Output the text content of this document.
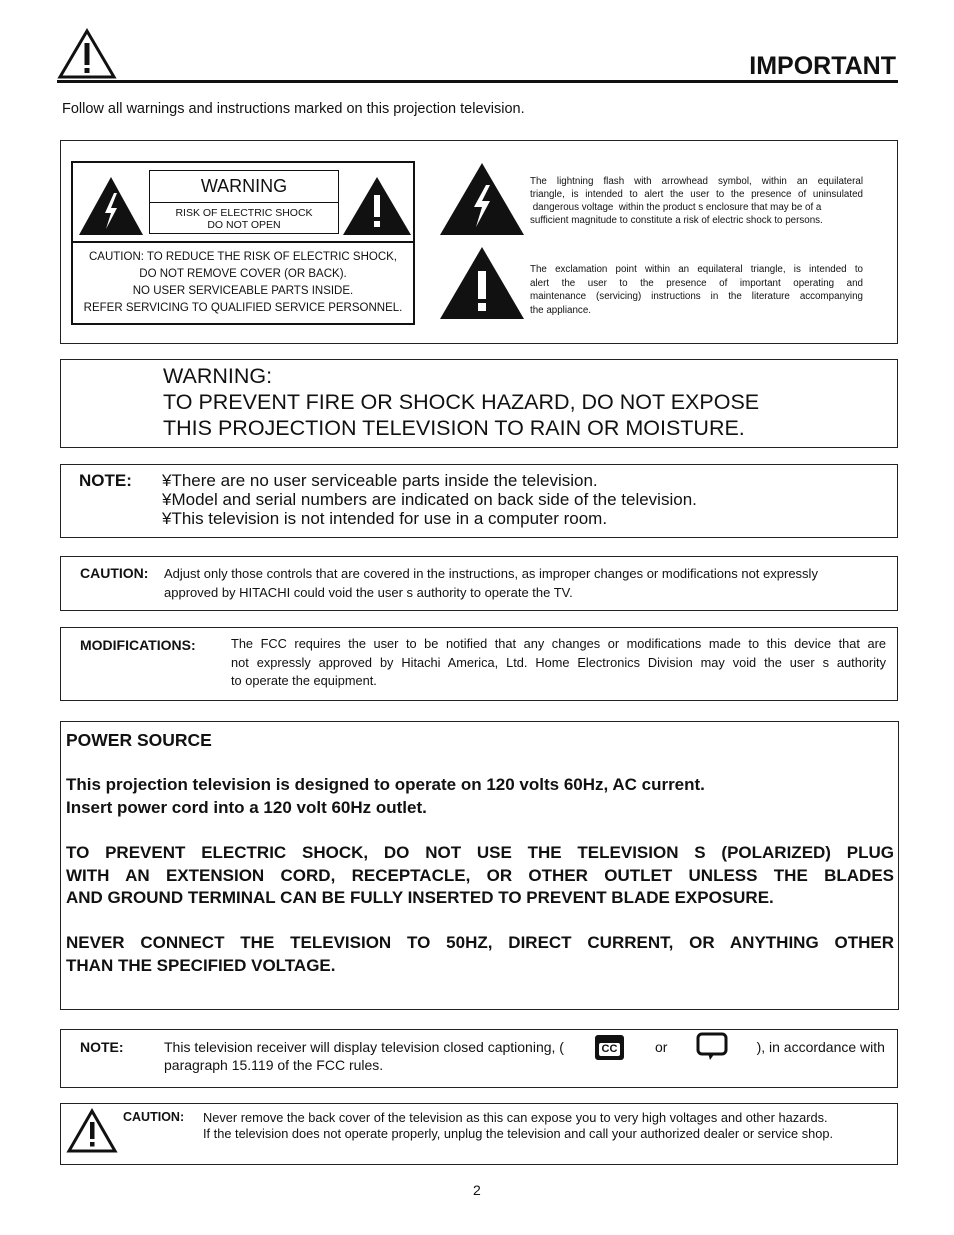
IMPORTANT
Follow all warnings and instructions marked on this projection television.
WARNING
RISK OF ELECTRIC SHOCK
DO NOT OPEN
CAUTION: TO REDUCE THE RISK OF ELECTRIC SHOCK,
DO NOT REMOVE COVER (OR BACK).
NO USER SERVICEABLE PARTS INSIDE.
REFER SERVICING TO QUALIFIED SERVICE PERSONNEL.
The lightning flash with arrowhead symbol, within an equilateral
triangle, is intended to alert the user to the presence of uninsulated
dangerous voltage  within the product s enclosure that may be of a
sufficient magnitude to constitute a risk of electric shock to persons.
The exclamation point within an equilateral triangle, is intended to
alert the user to the presence of important operating and
maintenance (servicing) instructions in the literature accompanying
the appliance.
WARNING:
TO PREVENT FIRE OR SHOCK HAZARD, DO NOT EXPOSE
THIS PROJECTION TELEVISION TO RAIN OR MOISTURE.
NOTE: ¥There are no user serviceable parts inside the television.
¥Model and serial numbers are indicated on back side of the television.
¥This television is not intended for use in a computer room.
CAUTION: Adjust only those controls that are covered in the instructions, as improper changes or modifications not expressly
approved by HITACHI could void the user s authority to operate the TV.
MODIFICATIONS:	The FCC requires the user to be notified that any changes or modifications made to this device that are
not expressly approved by Hitachi America, Ltd. Home Electronics Division may void the user s authority
to operate the equipment.
POWER SOURCE
This projection television is designed to operate on 120 volts 60Hz, AC current.
Insert power cord into a 120 volt 60Hz outlet.
TO PREVENT ELECTRIC SHOCK, DO NOT USE THE TELEVISION S (POLARIZED) PLUG
WITH AN EXTENSION CORD, RECEPTACLE, OR OTHER OUTLET UNLESS THE BLADES
AND GROUND TERMINAL CAN BE FULLY INSERTED TO PREVENT BLADE EXPOSURE.
NEVER CONNECT THE TELEVISION TO 50HZ, DIRECT CURRENT, OR ANYTHING OTHER
THAN THE SPECIFIED VOLTAGE.
NOTE:	This television receiver will display television closed captioning, (	CC	or	), in accordance with
paragraph 15.119 of the FCC rules.
CAUTION: Never remove the back cover of the television as this can expose you to very high voltages and other hazards.
If the television does not operate properly, unplug the television and call your authorized dealer or service shop.
2
